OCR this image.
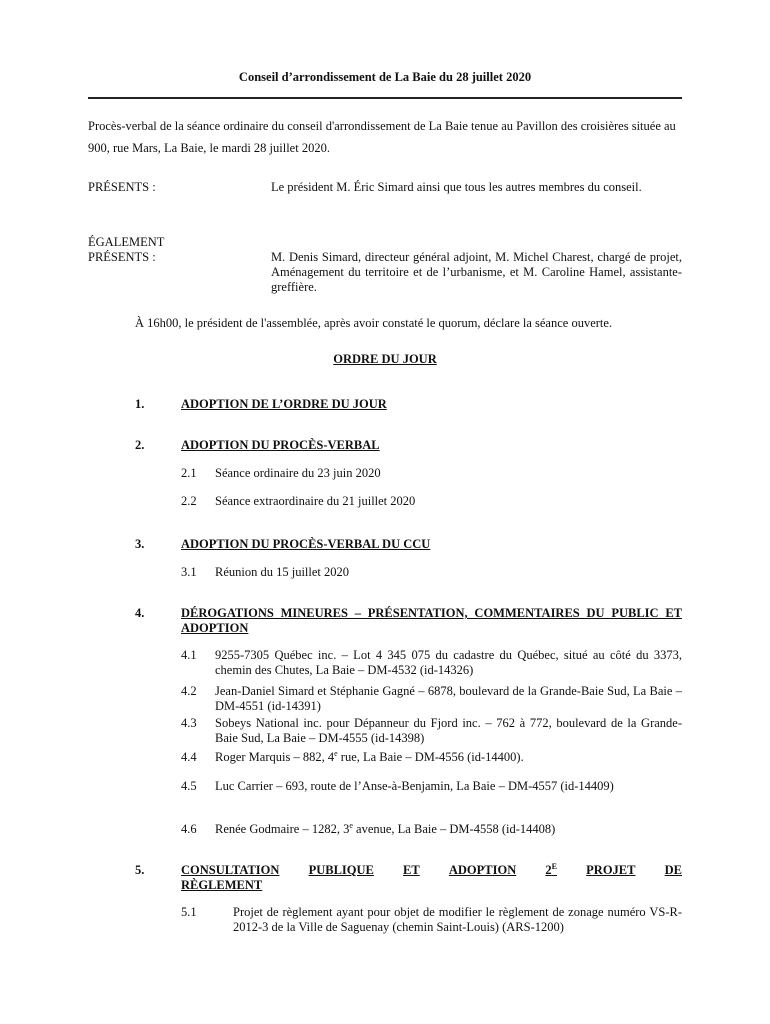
Conseil d’arrondissement de La Baie du 28 juillet 2020
Procès-verbal de la séance ordinaire du conseil d'arrondissement de La Baie tenue au Pavillon des croisières située au 900, rue Mars, La Baie, le mardi 28 juillet 2020.
PRÉSENTS :	Le président M. Éric Simard ainsi que tous les autres membres du conseil.
ÉGALEMENT
PRÉSENTS :	M. Denis Simard, directeur général adjoint, M. Michel Charest, chargé de projet, Aménagement du territoire et de l’urbanisme, et M. Caroline Hamel, assistante-greffière.
À 16h00, le président de l'assemblée, après avoir constaté le quorum, déclare la séance ouverte.
ORDRE DU JOUR
1.	ADOPTION DE L’ORDRE DU JOUR
2.	ADOPTION DU PROCÈS-VERBAL
2.1 Séance ordinaire du 23 juin 2020
2.2 Séance extraordinaire du 21 juillet 2020
3.	ADOPTION DU PROCÈS-VERBAL DU CCU
3.1 Réunion du 15 juillet 2020
4.	DÉROGATIONS MINEURES – PRÉSENTATION, COMMENTAIRES DU PUBLIC ET ADOPTION
4.1 9255-7305 Québec inc. – Lot 4 345 075 du cadastre du Québec, situé au côté du 3373, chemin des Chutes, La Baie – DM-4532 (id-14326)
4.2 Jean-Daniel Simard et Stéphanie Gagné – 6878, boulevard de la Grande-Baie Sud, La Baie – DM-4551 (id-14391)
4.3 Sobeys National inc. pour Dépanneur du Fjord inc. – 762 à 772, boulevard de la Grande-Baie Sud, La Baie – DM-4555 (id-14398)
4.4 Roger Marquis – 882, 4e rue, La Baie – DM-4556 (id-14400).
4.5 Luc Carrier – 693, route de l’Anse-à-Benjamin, La Baie – DM-4557 (id-14409)
4.6 Renée Godmaire – 1282, 3e avenue, La Baie – DM-4558 (id-14408)
5.	CONSULTATION PUBLIQUE ET ADOPTION $2^E$ PROJET DE
RÈGLEMENT
5.1	Projet de règlement ayant pour objet de modifier le règlement de zonage numéro VS-R-2012-3 de la Ville de Saguenay (chemin Saint-Louis) (ARS-1200)
